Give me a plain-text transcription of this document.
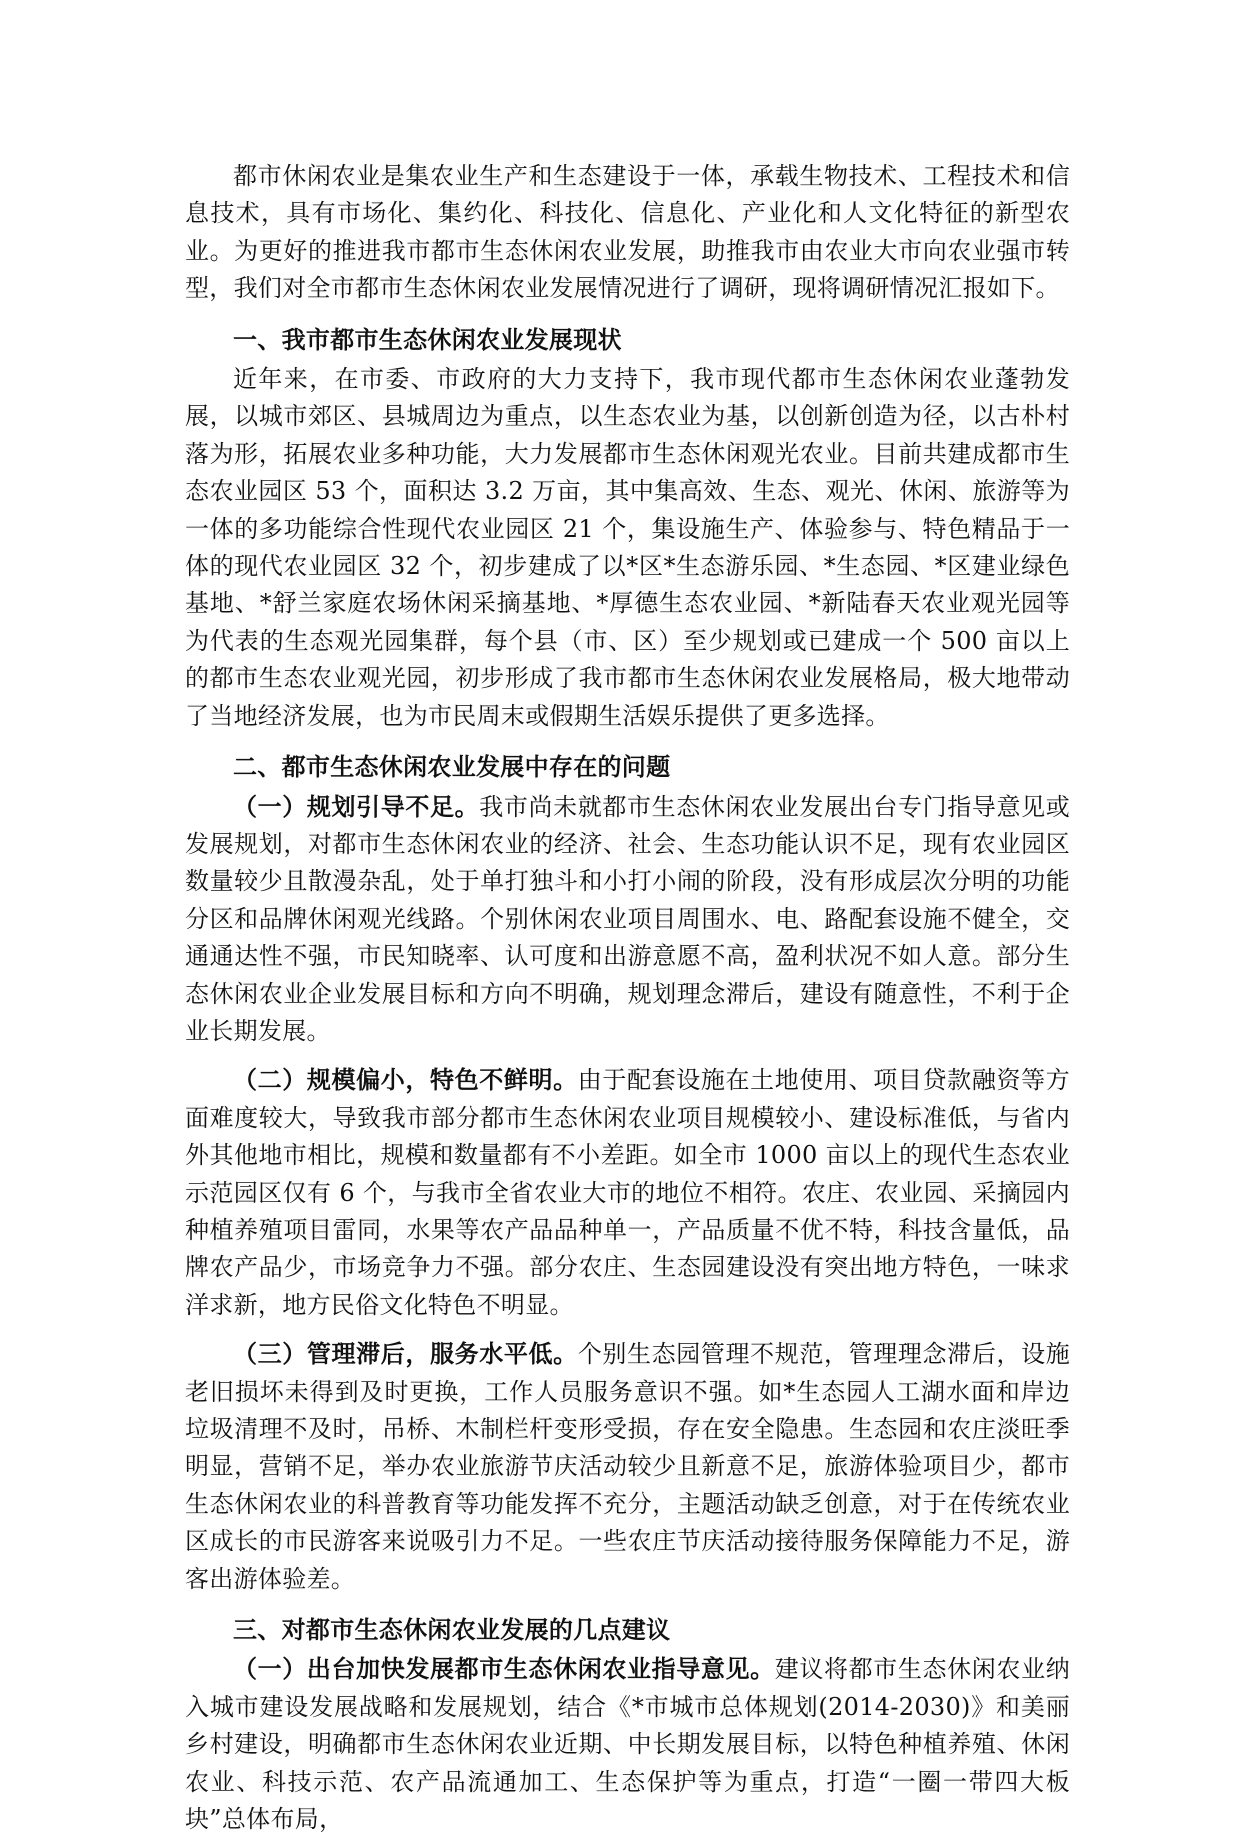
都市休闲农业是集农业生产和生态建设于一体，承载生物技术、工程技术和信息技术，具有市场化、集约化、科技化、信息化、产业化和人文化特征的新型农业。为更好的推进我市都市生态休闲农业发展，助推我市由农业大市向农业强市转型，我们对全市都市生态休闲农业发展情况进行了调研，现将调研情况汇报如下。

一、我市都市生态休闲农业发展现状

近年来，在市委、市政府的大力支持下，我市现代都市生态休闲农业蓬勃发展，以城市郊区、县城周边为重点，以生态农业为基，以创新创造为径，以古朴村落为形，拓展农业多种功能，大力发展都市生态休闲观光农业。目前共建成都市生态农业园区 53 个，面积达 3.2 万亩，其中集高效、生态、观光、休闲、旅游等为一体的多功能综合性现代农业园区 21 个，集设施生产、体验参与、特色精品于一体的现代农业园区 32 个，初步建成了以*区*生态游乐园、*生态园、*区建业绿色基地、*舒兰家庭农场休闲采摘基地、*厚德生态农业园、*新陆春天农业观光园等为代表的生态观光园集群，每个县（市、区）至少规划或已建成一个 500 亩以上的都市生态农业观光园，初步形成了我市都市生态休闲农业发展格局，极大地带动了当地经济发展，也为市民周末或假期生活娱乐提供了更多选择。

二、都市生态休闲农业发展中存在的问题

（一）规划引导不足。我市尚未就都市生态休闲农业发展出台专门指导意见或发展规划，对都市生态休闲农业的经济、社会、生态功能认识不足，现有农业园区数量较少且散漫杂乱，处于单打独斗和小打小闹的阶段，没有形成层次分明的功能分区和品牌休闲观光线路。个别休闲农业项目周围水、电、路配套设施不健全，交通通达性不强，市民知晓率、认可度和出游意愿不高，盈利状况不如人意。部分生态休闲农业企业发展目标和方向不明确，规划理念滞后，建设有随意性，不利于企业长期发展。

（二）规模偏小，特色不鲜明。由于配套设施在土地使用、项目贷款融资等方面难度较大，导致我市部分都市生态休闲农业项目规模较小、建设标准低，与省内外其他地市相比，规模和数量都有不小差距。如全市 1000 亩以上的现代生态农业示范园区仅有 6 个，与我市全省农业大市的地位不相符。农庄、农业园、采摘园内种植养殖项目雷同，水果等农产品品种单一，产品质量不优不特，科技含量低，品牌农产品少，市场竞争力不强。部分农庄、生态园建设没有突出地方特色，一味求洋求新，地方民俗文化特色不明显。

（三）管理滞后，服务水平低。个别生态园管理不规范，管理理念滞后，设施老旧损坏未得到及时更换，工作人员服务意识不强。如*生态园人工湖水面和岸边垃圾清理不及时，吊桥、木制栏杆变形受损，存在安全隐患。生态园和农庄淡旺季明显，营销不足，举办农业旅游节庆活动较少且新意不足，旅游体验项目少，都市生态休闲农业的科普教育等功能发挥不充分，主题活动缺乏创意，对于在传统农业区成长的市民游客来说吸引力不足。一些农庄节庆活动接待服务保障能力不足，游客出游体验差。

三、对都市生态休闲农业发展的几点建议

（一）出台加快发展都市生态休闲农业指导意见。建议将都市生态休闲农业纳入城市建设发展战略和发展规划，结合《*市城市总体规划(2014-2030)》和美丽乡村建设，明确都市生态休闲农业近期、中长期发展目标，以特色种植养殖、休闲农业、科技示范、农产品流通加工、生态保护等为重点，打造“一圈一带四大板块”总体布局，
